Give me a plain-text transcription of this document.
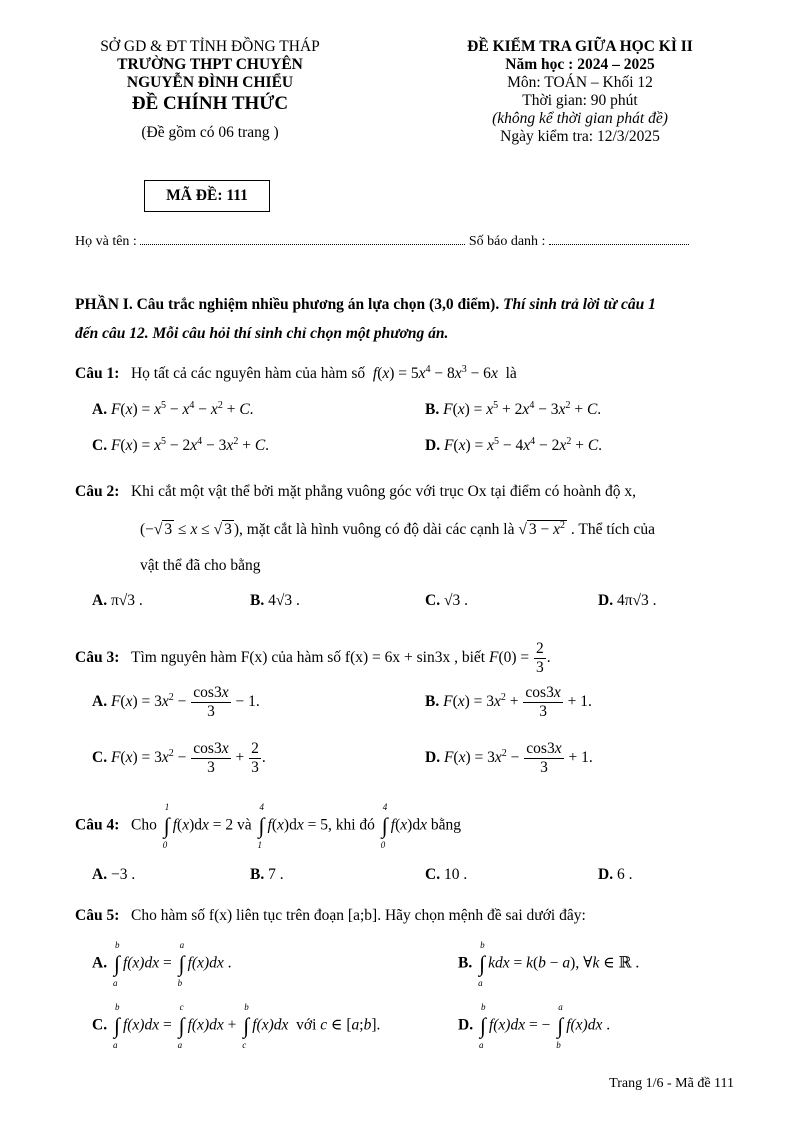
SỞ GD & ĐT TỈNH ĐỒNG THÁP
TRƯỜNG THPT CHUYÊN
NGUYỄN ĐÌNH CHIỂU
ĐỀ CHÍNH THỨC
(Đề gồm có 06 trang )
ĐỀ KIỂM TRA GIỮA HỌC KÌ II
Năm học : 2024 – 2025
Môn: TOÁN – Khối 12
Thời gian: 90 phút
(không kể thời gian phát đề)
Ngày kiểm tra: 12/3/2025
MÃ ĐỀ: 111
Họ và tên :	Số báo danh :
PHẦN I. Câu trắc nghiệm nhiều phương án lựa chọn (3,0 điểm). Thí sinh trả lời từ câu 1
đến câu 12. Mỗi câu hỏi thí sinh chỉ chọn một phương án.
Câu 1: Họ tất cả các nguyên hàm của hàm số $f(x) = 5x^4 - 8x^3 - 6x$  là
A. $F(x) = x^5 - x^4 - x^2 + C$.	B. $F(x) = x^5 + 2x^4 - 3x^2 + C$.
C. $F(x) = x^5 - 2x^4 - 3x^2 + C$.	D. $F(x) = x^5 - 4x^4 - 2x^2 + C$.
Câu 2: Khi cắt một vật thể bởi mặt phẳng vuông góc với trục Ox tại điểm có hoành độ x,
(−√ 3 ≤ x ≤ √ 3 ), mặt cắt là hình vuông có độ dài các cạnh là √ $3 - x^2$ . Thể tích của
vật thể đã cho bằng
A. π√3 .	B. 4√3 .	C. √3 .	D. 4π√3 .
Câu 3: Tìm nguyên hàm F(x) của hàm số f(x) = 6x + sin3x , biết $F(0) = \frac{2}{3}$ .
A. $F(x) = 3x^2 - \frac{\cos 3x}{3} - 1$.	B. $F(x) = 3x^2 + \frac{\cos 3x}{3} + 1$.
C. $F(x) = 3x^2 - \frac{\cos 3x}{3} + \frac{2}{3}$ .	D. $F(x) = 3x^2 - \frac{\cos 3x}{3} + 1$.
Câu 4: Cho
1
∫
0
f(x)dx = 2 và
4
∫
1
f(x)dx = 5, khi đó
4
∫
0
f(x)dx bằng
A. −3 .	B. 7 .	C. 10 .	D. 6 .
Câu 5: Cho hàm số f(x) liên tục trên đoạn [a;b]. Hãy chọn mệnh đề sai dưới đây:
A.
b
∫
a
f(x)dx =
a
∫
b
f(x)dx .	B.
b
∫
a
kdx = k(b − a), ∀k ∈ ℝ .
C.
b
∫
a
f(x)dx =
c
∫
a
f(x)dx +
b
∫
c
f(x)dx  với c ∈ [a;b].	D.
b
∫
a
f(x)dx = −
a
∫
b
f(x)dx .
Trang 1/6 - Mã đề 111
